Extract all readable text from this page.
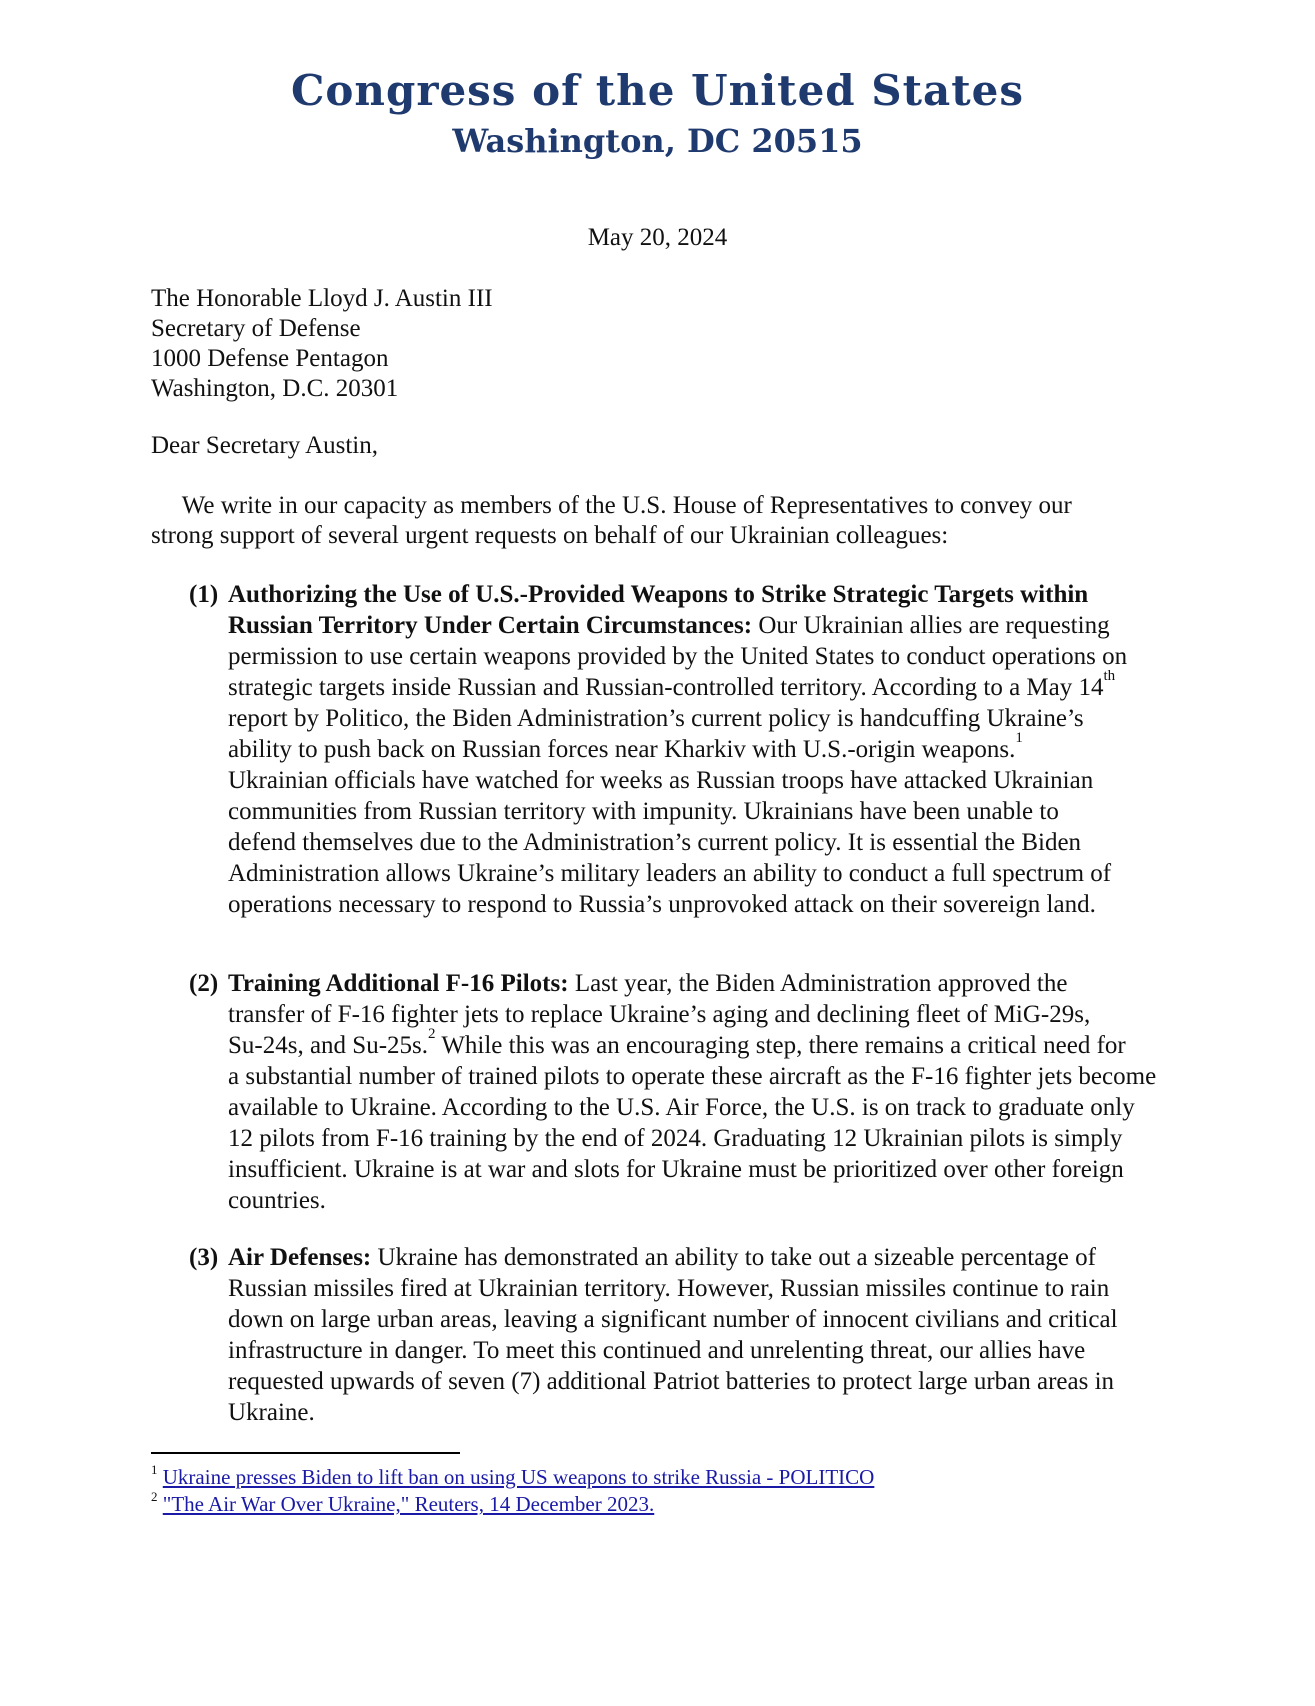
Congress of the United States
Washington, DC 20515
May 20, 2024
The Honorable Lloyd J. Austin III
Secretary of Defense
1000 Defense Pentagon
Washington, D.C. 20301
Dear Secretary Austin,
We write in our capacity as members of the U.S. House of Representatives to convey our
strong support of several urgent requests on behalf of our Ukrainian colleagues:
(1) Authorizing the Use of U.S.-Provided Weapons to Strike Strategic Targets within
Russian Territory Under Certain Circumstances: Our Ukrainian allies are requesting
permission to use certain weapons provided by the United States to conduct operations on
strategic targets inside Russian and Russian-controlled territory. According to a May 14th
report by Politico, the Biden Administration’s current policy is handcuffing Ukraine’s
ability to push back on Russian forces near Kharkiv with U.S.-origin weapons.$^1$
Ukrainian officials have watched for weeks as Russian troops have attacked Ukrainian
communities from Russian territory with impunity. Ukrainians have been unable to
defend themselves due to the Administration’s current policy. It is essential the Biden
Administration allows Ukraine’s military leaders an ability to conduct a full spectrum of
operations necessary to respond to Russia’s unprovoked attack on their sovereign land.
(2) Training Additional F-16 Pilots: Last year, the Biden Administration approved the
transfer of F-16 fighter jets to replace Ukraine’s aging and declining fleet of MiG-29s,
Su-24s, and Su-25s.$^2$ While this was an encouraging step, there remains a critical need for
a substantial number of trained pilots to operate these aircraft as the F-16 fighter jets become
available to Ukraine. According to the U.S. Air Force, the U.S. is on track to graduate only
12 pilots from F-16 training by the end of 2024. Graduating 12 Ukrainian pilots is simply
insufficient. Ukraine is at war and slots for Ukraine must be prioritized over other foreign
countries.
(3) Air Defenses: Ukraine has demonstrated an ability to take out a sizeable percentage of
Russian missiles fired at Ukrainian territory. However, Russian missiles continue to rain
down on large urban areas, leaving a significant number of innocent civilians and critical
infrastructure in danger. To meet this continued and unrelenting threat, our allies have
requested upwards of seven (7) additional Patriot batteries to protect large urban areas in
Ukraine.
$^1$ Ukraine presses Biden to lift ban on using US weapons to strike Russia - POLITICO
$^2$ "The Air War Over Ukraine," Reuters, 14 December 2023.
